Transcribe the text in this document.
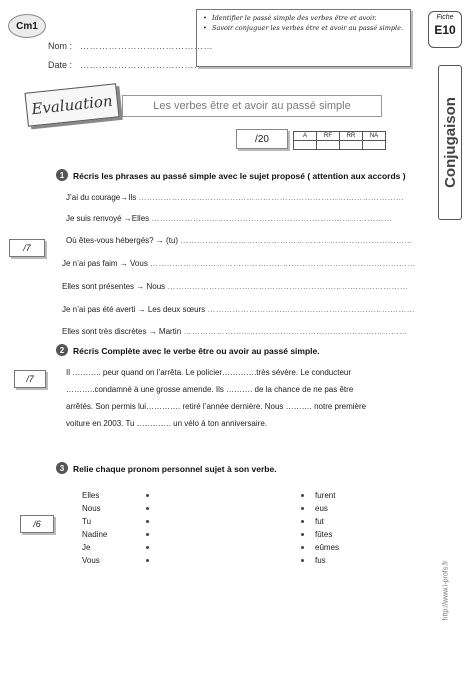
Cm1
Nom : ……………………………………
Date : ……………………………………
• Identifier le passé simple des verbes être et avoir.
• Savoir conjuguer les verbes être et avoir au passé simple.
Fiche
E10
Conjugaison
Evaluation	Les verbes être et avoir au passé simple
/20	A	RF	RR	NA

1	Récris les phrases au passé simple avec le sujet proposé ( attention aux accords )
J’ai du courage→Ils ……………………………………………………………………………………
Je suis renvoyé →Elles ……………………………………………………………………………
Où êtes-vous hébergés? → (tu) …………………………………………………………………………
Je n’ai pas faim → Vous ……………………………………………………………………………………
Elles sont présentes → Nous ……………………………………………………………………………
Je n’ai pas été averti → Les deux sœurs …………………………………………………………………
Elles sont très discrètes → Martin ………………………………………………………………………
/7
2	Récris Complète avec le verbe être ou avoir au passé simple.
Il ……….. peur quand on l’arrêta. Le policier………….très sévère. Le conducteur
………..condamné à une grosse amende. Ils ………. de la chance de ne pas être
arrêtés. Son permis lui…………. retiré l’année dernière. Nous ………. notre première
voiture en 2003. Tu …………. un vélo à ton anniversaire.
/7
3	Relie chaque pronom personnel sujet à son verbe.
Elles
Nous
Tu
Nadine
Je
Vous
furent
eus
fut
fûtes
eûmes
fus
/6
http://www.i-profs.fr
